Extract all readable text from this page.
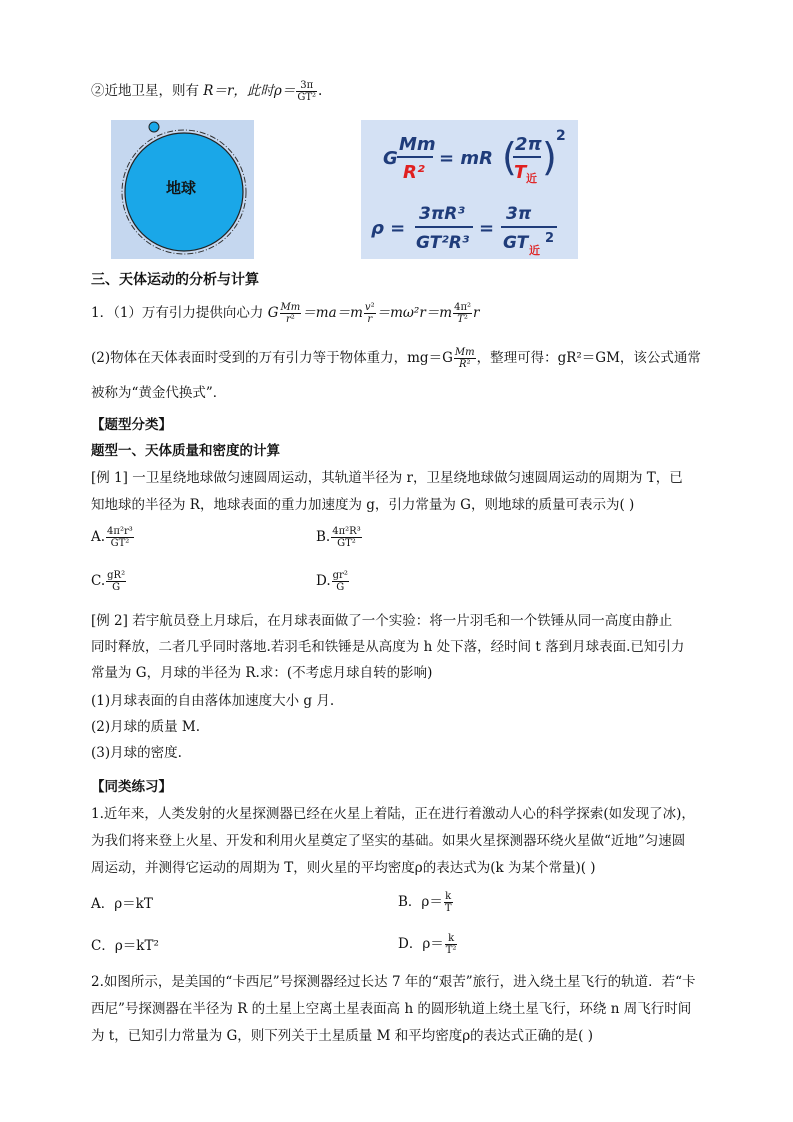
②近地卫星，则有 R＝r，此时$\rho= \frac{3\pi}{\text{GT²}}$ .
地球
G
Mm
R²
= mR (
2π
T 近 ) 2
ρ =
3πR³
GT²R³
=
3π
GT 近
2
三、天体运动的分析与计算
1．（1）万有引力提供向心力 G $\frac{Mm}{\text{r²}} =ma=m \frac{\text{v²}}{r} =m\omega^2r=m \frac{\text{4π²}}{\text{T²}}$ r
(2)物体在天体表面时受到的万有引力等于物体重力，$mg=G \frac{Mm}{\text{R²}}$ ，整理可得：gR²＝GM，该公式通常
被称为“黄金代换式”．
【题型分类】
题型一、天体质量和密度的计算
[例 1] 一卫星绕地球做匀速圆周运动，其轨道半径为 r，卫星绕地球做匀速圆周运动的周期为 T，已
知地球的半径为 R，地球表面的重力加速度为 g，引力常量为 G，则地球的质量可表示为( )
A. $\frac{\text{4π²r³}}{\text{GT²}}$	B. $\frac{\text{4π²R³}}{\text{GT²}}$
C. $\frac{\text{gR²}}{G}$	D. $\frac{\text{gr²}}{G}$
[例 2] 若宇航员登上月球后，在月球表面做了一个实验：将一片羽毛和一个铁锤从同一高度由静止
同时释放，二者几乎同时落地.若羽毛和铁锤是从高度为 h 处下落，经时间 t 落到月球表面.已知引力
常量为 G，月球的半径为 R.求：(不考虑月球自转的影响)
(1)月球表面的自由落体加速度大小 g 月.
(2)月球的质量 M.
(3)月球的密度.
【同类练习】
1.近年来，人类发射的火星探测器已经在火星上着陆，正在进行着激动人心的科学探索(如发现了冰)，
为我们将来登上火星、开发和利用火星奠定了坚实的基础。如果火星探测器环绕火星做“近地”匀速圆
周运动，并测得它运动的周期为 T，则火星的平均密度ρ的表达式为(k 为某个常量)( )
A．ρ＝kT	B．$\rho= \frac{k}{T}$
C．ρ＝kT²	D．$\rho= \frac{k}{\text{T²}}$
2.如图所示，是美国的“卡西尼”号探测器经过长达 7 年的“艰苦”旅行，进入绕土星飞行的轨道．若“卡
西尼”号探测器在半径为 R 的土星上空离土星表面高 h 的圆形轨道上绕土星飞行，环绕 n 周飞行时间
为 t，已知引力常量为 G，则下列关于土星质量 M 和平均密度ρ的表达式正确的是( )
